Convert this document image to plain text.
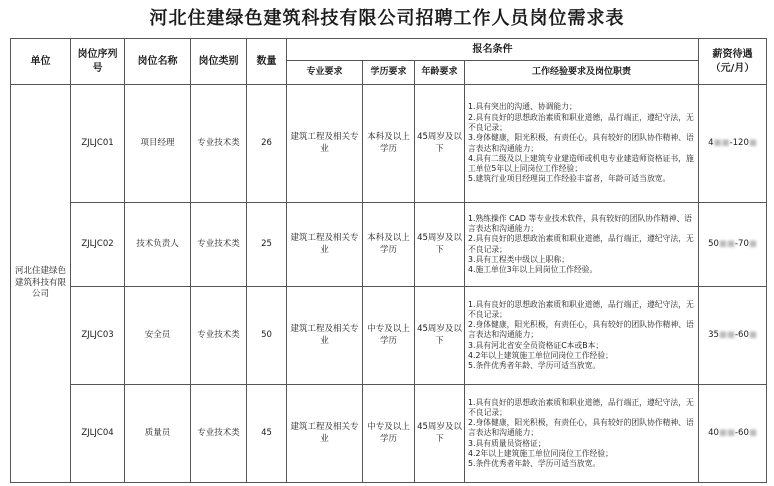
河北住建绿色建筑科技有限公司招聘工作人员岗位需求表
单位	岗位序列号	岗位名称	岗位类别	数量	报名条件				薪资待遇（元/月）
					专业要求	学历要求	年龄要求	工作经验要求及岗位职责	
河北住建绿色建筑科技有限公司	ZJLJC01	项目经理	专业技术类	26	建筑工程及相关专业	本科及以上学历	45周岁及以下	1.具有突出的沟通、协调能力；
2.具有良好的思想政治素质和职业道德，品行端正，遵纪守法，无不良记录；
3.身体健康，阳光积极，有责任心，具有较好的团队协作精神、语言表达和沟通能力；
4.具有二级及以上建筑专业建造师或机电专业建造师资格证书，施工单位5年以上同岗位工作经验；
5.建筑行业项目经理岗工作经验丰富者，年龄可适当放宽。	4■■-120■
	ZJLJC02	技术负责人	专业技术类	25	建筑工程及相关专业	本科及以上学历	45周岁及以下	1.熟练操作 CAD 等专业技术软件，具有较好的团队协作精神、语言表达和沟通能力；
2.具有良好的思想政治素质和职业道德，品行端正，遵纪守法，无不良记录；
3.具有工程类中级以上职称；
4.施工单位3年以上同岗位工作经验。	50■■-70■
	ZJLJC03	安全员	专业技术类	50	建筑工程及相关专业	中专及以上学历	45周岁及以下	1.具有良好的思想政治素质和职业道德，品行端正，遵纪守法，无不良记录；
2.身体健康，阳光积极，有责任心，具有较好的团队协作精神、语言表达和沟通能力；
3.具有河北省安全员资格证C本或B本；
4.2年以上建筑施工单位同岗位工作经验；
5.条件优秀者年龄、学历可适当放宽。	35■■-60■
	ZJLJC04	质量员	专业技术类	45	建筑工程及相关专业	中专及以上学历	45周岁及以下	1.具有良好的思想政治素质和职业道德，品行端正，遵纪守法，无不良记录；
2.身体健康，阳光积极，有责任心，具有较好的团队协作精神、语言表达和沟通能力；
3.具有质量员资格证；
4.2年以上建筑施工单位同岗位工作经验；
5.条件优秀者年龄、学历可适当放宽。	40■■-60■
